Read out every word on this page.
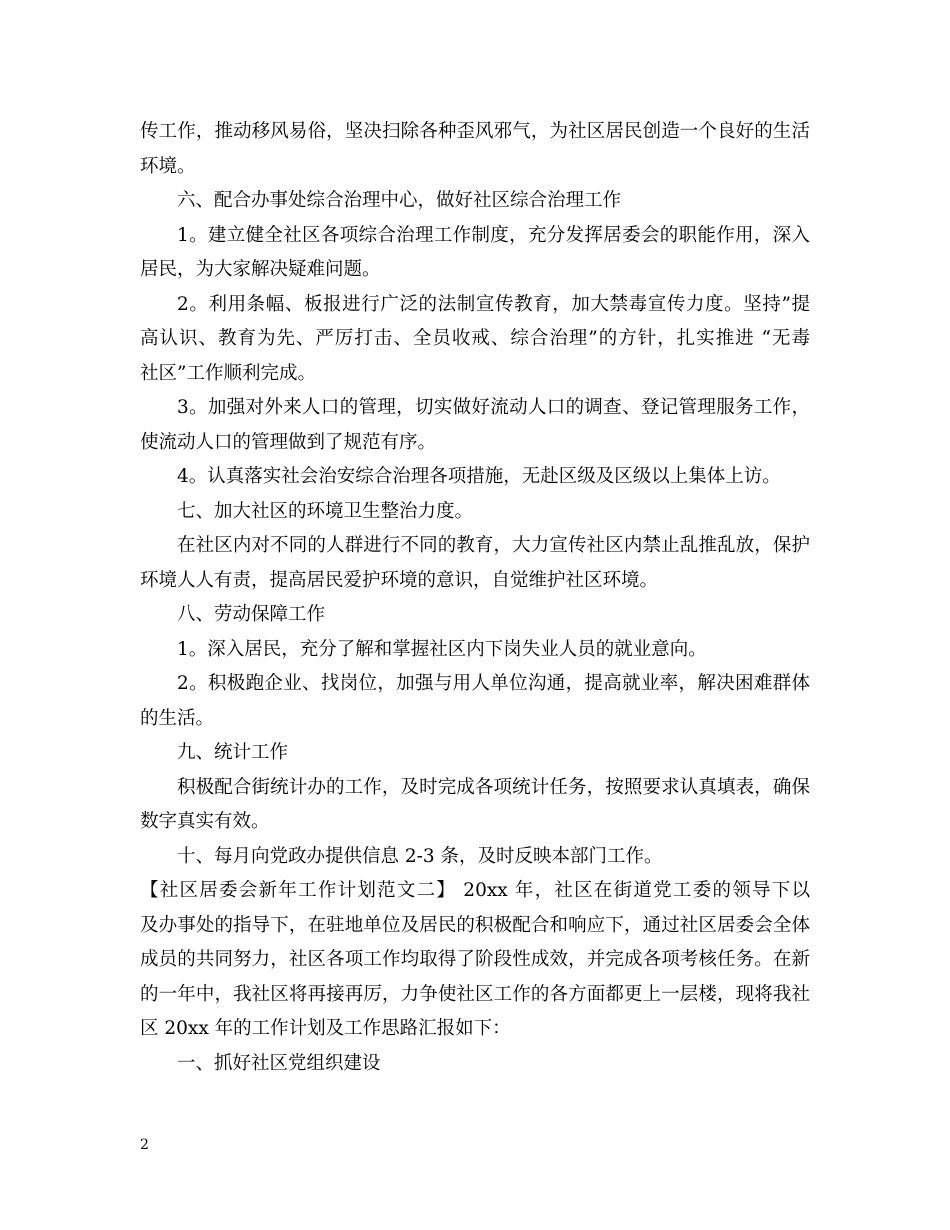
传工作，推动移风易俗，坚决扫除各种歪风邪气，为社区居民创造一个良好的生活
环境。
六、配合办事处综合治理中心，做好社区综合治理工作
1。建立健全社区各项综合治理工作制度，充分发挥居委会的职能作用，深入
居民，为大家解决疑难问题。
2。利用条幅、板报进行广泛的法制宣传教育，加大禁毒宣传力度。坚持”提
高认识、教育为先、严厉打击、全员收戒、综合治理”的方针，扎实推进 “无毒
社区”工作顺利完成。
3。加强对外来人口的管理，切实做好流动人口的调查、登记管理服务工作，
使流动人口的管理做到了规范有序。
4。认真落实社会治安综合治理各项措施，无赴区级及区级以上集体上访。
七、加大社区的环境卫生整治力度。
在社区内对不同的人群进行不同的教育，大力宣传社区内禁止乱推乱放，保护
环境人人有责，提高居民爱护环境的意识，自觉维护社区环境。
八、劳动保障工作
1。深入居民，充分了解和掌握社区内下岗失业人员的就业意向。
2。积极跑企业、找岗位，加强与用人单位沟通，提高就业率，解决困难群体
的生活。
九、统计工作
积极配合街统计办的工作，及时完成各项统计任务，按照要求认真填表，确保
数字真实有效。
十、每月向党政办提供信息 2-3 条，及时反映本部门工作。
【社区居委会新年工作计划范文二】 20xx 年，社区在街道党工委的领导下以
及办事处的指导下，在驻地单位及居民的积极配合和响应下，通过社区居委会全体
成员的共同努力，社区各项工作均取得了阶段性成效，并完成各项考核任务。在新
的一年中，我社区将再接再厉，力争使社区工作的各方面都更上一层楼，现将我社
区 20xx 年的工作计划及工作思路汇报如下：
一、抓好社区党组织建设
2
